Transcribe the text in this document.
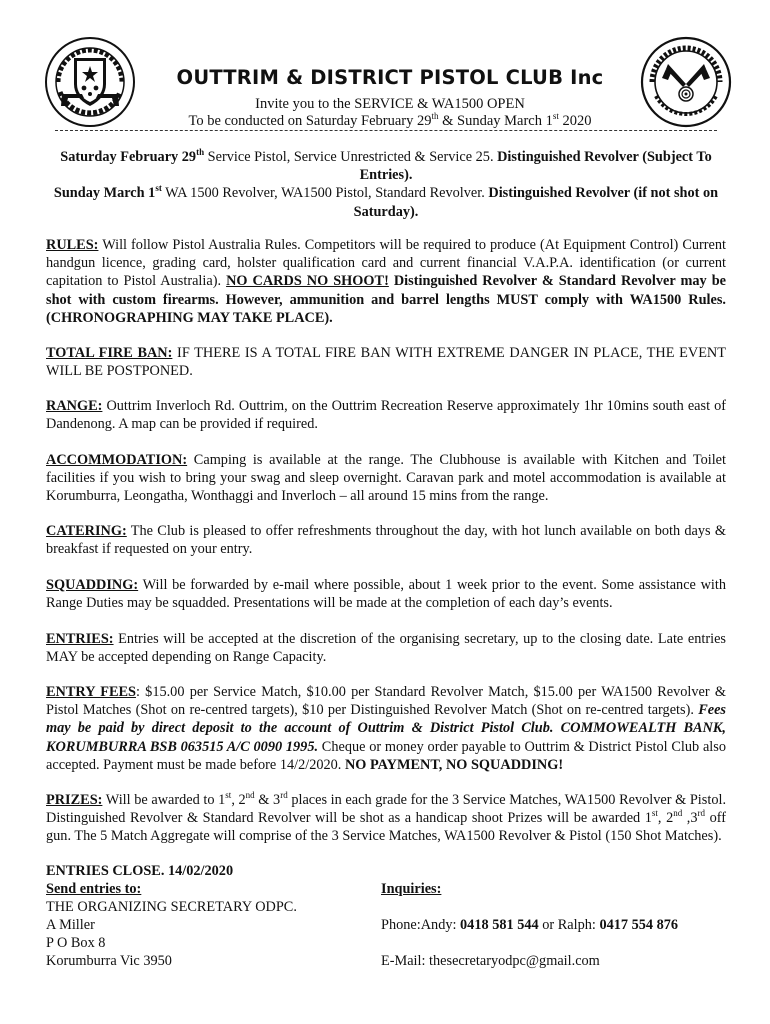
OUTTRIM & DISTRICT PISTOL CLUB Inc
Invite you to the SERVICE & WA1500 OPEN
To be conducted on Saturday February 29th & Sunday March 1st 2020
Saturday February 29th Service Pistol, Service Unrestricted & Service 25. Distinguished Revolver (Subject To Entries).
Sunday March 1st WA 1500 Revolver, WA1500 Pistol, Standard Revolver. Distinguished Revolver (if not shot on Saturday).
RULES: Will follow Pistol Australia Rules. Competitors will be required to produce (At Equipment Control) Current handgun licence, grading card, holster qualification card and current financial V.A.P.A. identification (or current capitation to Pistol Australia). NO CARDS NO SHOOT! Distinguished Revolver & Standard Revolver may be shot with custom firearms. However, ammunition and barrel lengths MUST comply with WA1500 Rules. (CHRONOGRAPHING MAY TAKE PLACE).
TOTAL FIRE BAN: IF THERE IS A TOTAL FIRE BAN WITH EXTREME DANGER IN PLACE, THE EVENT WILL BE POSTPONED.
RANGE: Outtrim Inverloch Rd. Outtrim, on the Outtrim Recreation Reserve approximately 1hr 10mins south east of Dandenong. A map can be provided if required.
ACCOMMODATION: Camping is available at the range. The Clubhouse is available with Kitchen and Toilet facilities if you wish to bring your swag and sleep overnight. Caravan park and motel accommodation is available at Korumburra, Leongatha, Wonthaggi and Inverloch – all around 15 mins from the range.
CATERING: The Club is pleased to offer refreshments throughout the day, with hot lunch available on both days & breakfast if requested on your entry.
SQUADDING: Will be forwarded by e-mail where possible, about 1 week prior to the event. Some assistance with Range Duties may be squadded. Presentations will be made at the completion of each day’s events.
ENTRIES: Entries will be accepted at the discretion of the organising secretary, up to the closing date. Late entries MAY be accepted depending on Range Capacity.
ENTRY FEES: $15.00 per Service Match, $10.00 per Standard Revolver Match, $15.00 per WA1500 Revolver & Pistol Matches (Shot on re-centred targets), $10 per Distinguished Revolver Match (Shot on re-centred targets). Fees may be paid by direct deposit to the account of Outtrim & District Pistol Club. COMMOWEALTH BANK, KORUMBURRA BSB 063515 A/C 0090 1995. Cheque or money order payable to Outtrim & District Pistol Club also accepted. Payment must be made before 14/2/2020. NO PAYMENT, NO SQUADDING!
PRIZES: Will be awarded to 1st, 2nd & 3rd places in each grade for the 3 Service Matches, WA1500 Revolver & Pistol. Distinguished Revolver & Standard Revolver will be shot as a handicap shoot Prizes will be awarded 1st, 2nd ,3rd off gun. The 5 Match Aggregate will comprise of the 3 Service Matches, WA1500 Revolver & Pistol (150 Shot Matches).
ENTRIES CLOSE. 14/02/2020
Send entries to:
THE ORGANIZING SECRETARY ODPC.
A Miller
P O Box 8
Korumburra Vic 3950
Inquiries:
Phone:Andy: 0418 581 544 or Ralph: 0417 554 876
E-Mail: thesecretaryodpc@gmail.com
